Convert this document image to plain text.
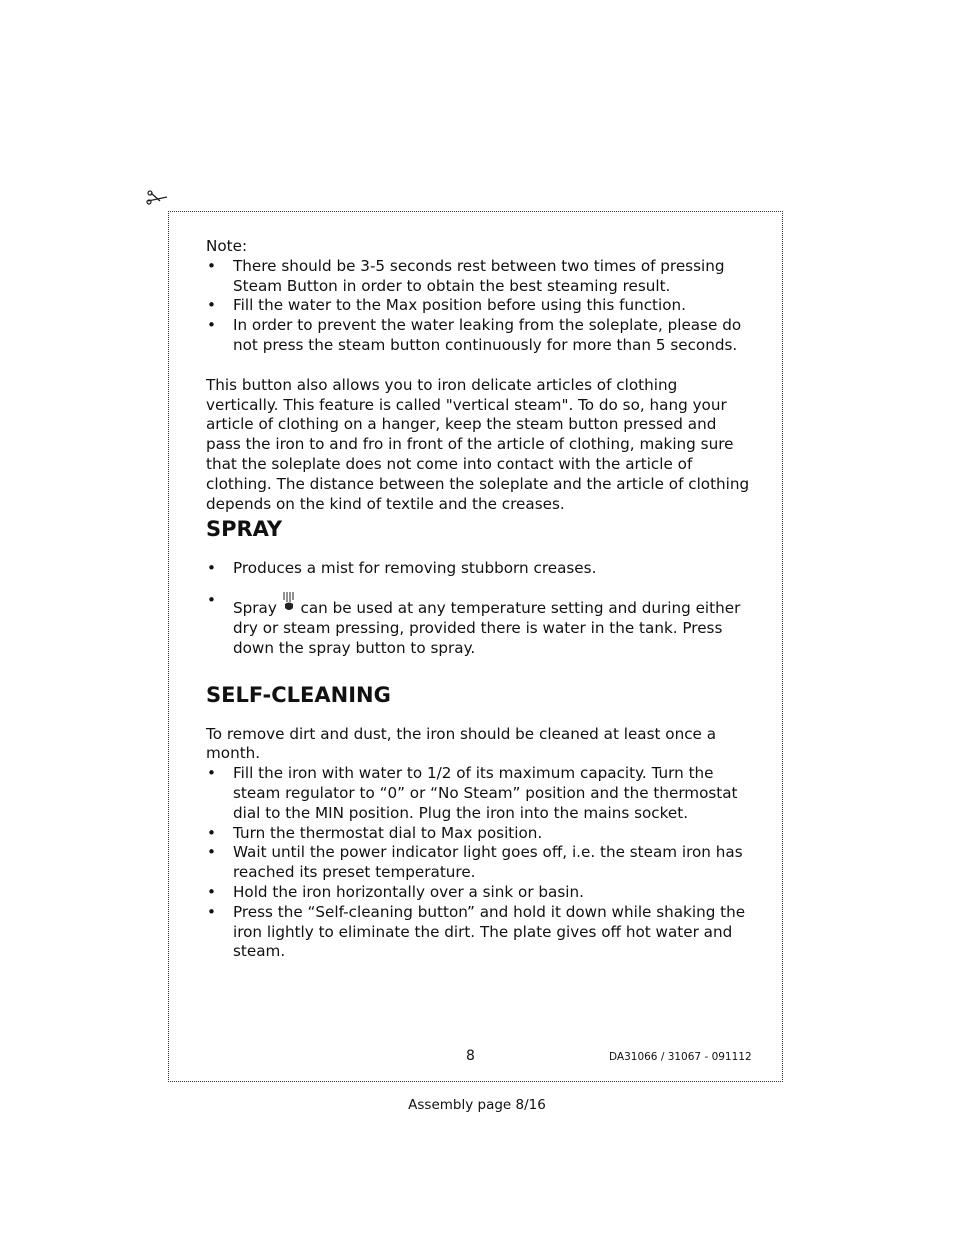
Note:

• There should be 3-5 seconds rest between two times of pressing Steam Button in order to obtain the best steaming result.
• Fill the water to the Max position before using this function.
• In order to prevent the water leaking from the soleplate, please do not press the steam button continuously for more than 5 seconds.

This button also allows you to iron delicate articles of clothing vertically. This feature is called "vertical steam". To do so, hang your article of clothing on a hanger, keep the steam button pressed and pass the iron to and fro in front of the article of clothing, making sure that the soleplate does not come into contact with the article of clothing. The distance between the soleplate and the article of clothing depends on the kind of textile and the creases.

SPRAY
• Produces a mist for removing stubborn creases.
• Spray can be used at any temperature setting and during either dry or steam pressing, provided there is water in the tank. Press down the spray button to spray.
SELF-CLEANING

To remove dirt and dust, the iron should be cleaned at least once a month.

• Fill the iron with water to 1/2 of its maximum capacity. Turn the steam regulator to “0” or “No Steam” position and the thermostat dial to the MIN position. Plug the iron into the mains socket.
• Turn the thermostat dial to Max position.
• Wait until the power indicator light goes off, i.e. the steam iron has reached its preset temperature.
• Hold the iron horizontally over a sink or basin.
• Press the “Self-cleaning button” and hold it down while shaking the iron lightly to eliminate the dirt. The plate gives off hot water and steam.
8	DA31066 / 31067 - 091112
Assembly page 8/16
